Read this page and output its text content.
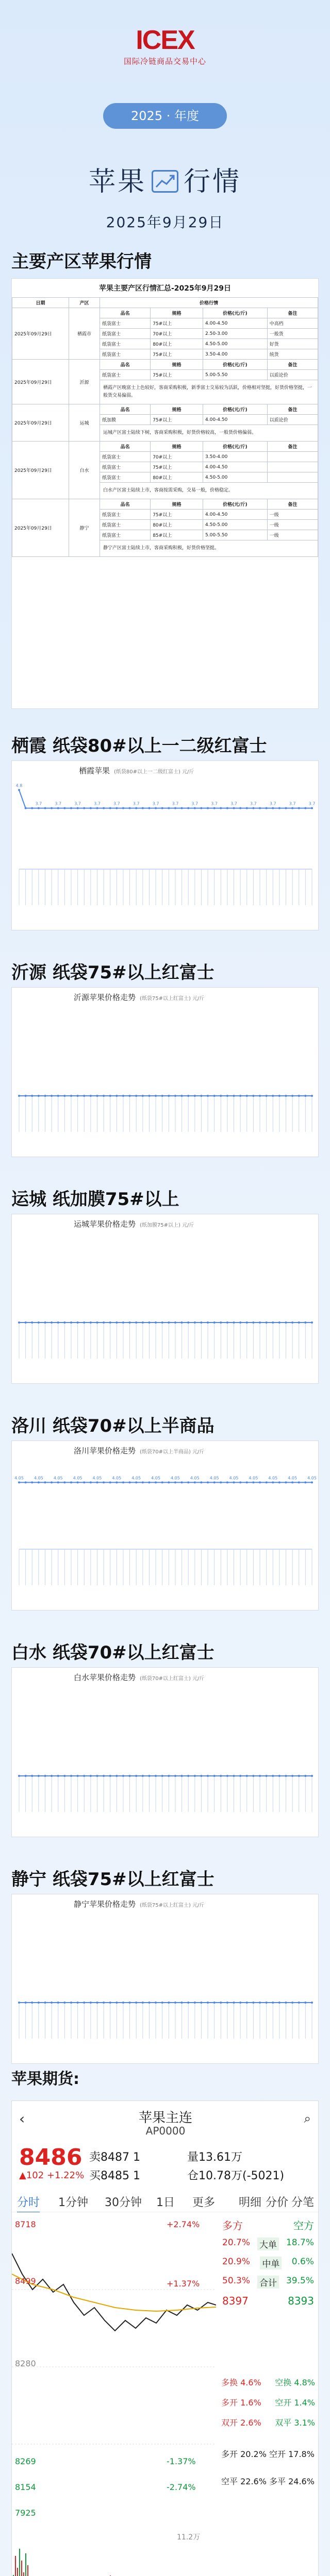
ICEX
国际冷链商品交易中心
2025 · 年度
苹果 行情
2025年9月29日
主要产区苹果行情
苹果主要产区行情汇总-2025年9月29日
日期	产区	价格行情			
2025年09月29日	栖霞市	品名	规格	价格(元/斤)	备注
		纸袋富士	75#以上	4.00-4.50	中高档
		纸袋富士	70#以上	2.50-3.00	一般货
		纸袋富士	80#以上	4.50-5.00	好货
		纸袋富士	75#以上	3.50-4.00	统货
2025年09月29日	沂源	品名	规格	价格(元/斤)	备注
		纸袋富士	75#以上	5.00-5.50	以质论价
		栖霞产区晚富士上色较好，客商采购积极，新季富士交易较为活跃，价格相对坚挺，好货价格坚挺，一般货交易偏弱。			
2025年09月29日	运城	品名	规格	价格(元/斤)	备注
		纸加膜	75#以上	4.00-4.50	以质论价
		运城产区富士陆续下树，客商采购积极，好货价格较高，一般货价格偏弱。			
2025年09月29日	白水	品名	规格	价格(元/斤)	备注
		纸袋富士	70#以上	3.50-4.00	
		纸袋富士	75#以上	4.00-4.50	
		纸袋富士	80#以上	4.50-5.00	
		白水产区富士陆续上市，客商按需采购，交易一般，价格稳定。			
2025年09月29日	静宁	品名	规格	价格(元/斤)	备注
		纸袋富士	75#以上	4.00-4.50	一级
		纸袋富士	80#以上	4.50-5.00	一级
		纸袋富士	85#以上	5.00-5.50	一级
		静宁产区富士陆续上市，客商采购积极，好货价格坚挺。			
栖霞 纸袋80#以上一二级红富士
栖霞苹果 (纸袋80#以上一二级红富士) 元/斤
4.8
3.7	3.7	3.7	3.7	3.7	3.7	3.7	3.7	3.7	3.7	3.7	3.7	3.7	3.7	3.7
沂源 纸袋75#以上红富士
沂源苹果价格走势 (纸袋75#以上红富士) 元/斤
运城 纸加膜75#以上
运城苹果价格走势 (纸加膜75#以上) 元/斤
洛川 纸袋70#以上半商品
洛川苹果价格走势 (纸袋70#以上半商品) 元/斤
4.05	4.05	4.05	4.05	4.05	4.05	4.05	4.05	4.05	4.05	4.05	4.05	4.05	4.05	4.05	4.05
白水 纸袋70#以上红富士
白水苹果价格走势 (纸袋70#以上红富士) 元/斤
静宁 纸袋75#以上红富士
静宁苹果价格走势 (纸袋75#以上红富士) 元/斤
苹果期货:
‹	苹果主连
AP0000
⌕
8486
▲102 +1.22%
卖8487 1
买8485 1
量13.61万
仓10.78万(-5021)
分时 1分钟 30分钟 1日 更多 明细 分价 分笔
8718
8499
8280
8269
8154
7925
+2.74%
+1.37%
-1.37%
-2.74%
11.2万
多方	空方
20.7% 大单 18.7%
20.9% 中单 0.6%
50.3% 合计 39.5%
8397	8393
多换 4.6% 空换 4.8%
多开 1.6% 空开 1.4%
双开 2.6% 双平 3.1%
多开 20.2% 空开 17.8%
空平 22.6% 多平 24.6%
